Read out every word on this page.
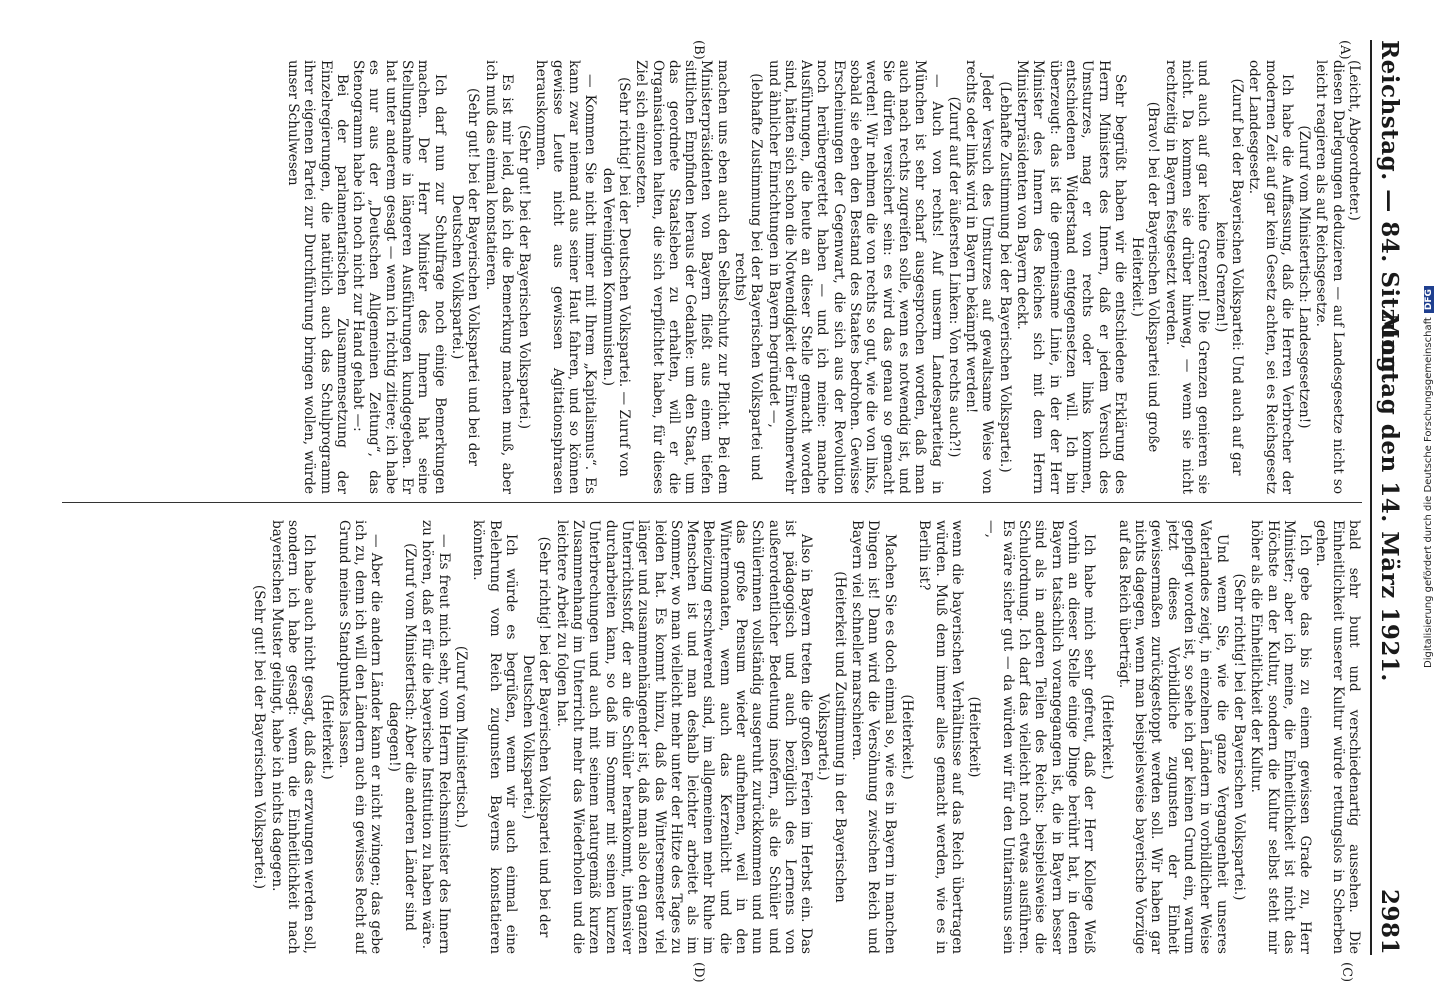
Reichstag. — 84. Sitzung.
Montag den 14. März 1921.
2981
(A)
(B)
(C)
(D)

(Leicht, Abgeordneter.)

diesen Darlegungen deduzieren — auf Landesgesetze nicht so leicht reagieren als auf Reichsgesetze.

(Zuruf vom Ministertisch: Landesgesetzen!)

Ich habe die Auffassung, daß die Herren Verbrecher der modernen Zeit auf gar kein Gesetz achten, sei es Reichsgesetz oder Landesgesetz.

(Zuruf bei der Bayerischen Volkspartei: Und auch auf gar keine Grenzen!)

und auch auf gar keine Grenzen! Die Grenzen genieren sie nicht. Da kommen sie drüber hinweg, — wenn sie nicht rechtzeitig in Bayern festgesetzt werden.

(Bravo! bei der Bayerischen Volkspartei und große Heiterkeit.)

Sehr begrüßt haben wir die entschiedene Erklärung des Herrn Ministers des Innern, daß er jedem Versuch des Umsturzes, mag er von rechts oder links kommen, entschiedenen Widerstand entgegensetzen will. Ich bin überzeugt: das ist die gemeinsame Linie, in der der Herr Minister des Innern des Reiches sich mit dem Herrn Ministerpräsidenten von Bayern deckt.

(Lebhafte Zustimmung bei der Bayerischen Volkspartei.)

Jeder Versuch des Umsturzes auf gewaltsame Weise von rechts oder links wird in Bayern bekämpft werden!

(Zuruf auf der äußersten Linken: Von rechts auch?!)

— Auch von rechts! Auf unserm Landesparteitag in München ist sehr scharf ausgesprochen worden, daß man auch nach rechts zugreifen solle, wenn es notwendig ist, und Sie dürfen versichert sein: es wird das genau so gemacht werden! Wir nehmen die von rechts so gut, wie die von links, sobald sie eben den Bestand des Staates bedrohen. Gewisse Erscheinungen der Gegenwart, die sich aus der Revolution noch herübergerettet haben — und ich meine: manche Ausführungen, die heute an dieser Stelle gemacht worden sind, hätten sich schon die Notwendigkeit der Einwohnerwehr und ähnlicher Einrichtungen in Bayern begründet —,

(lebhafte Zustimmung bei der Bayerischen Volkspartei und rechts)

machen uns eben auch den Selbstschutz zur Pflicht. Bei dem Ministerpräsidenten von Bayern fließt aus einem tiefen sittlichen Empfinden heraus der Gedanke: um den Staat, um das geordnete Staatsleben zu erhalten, will er die Organisationen halten, die sich verpflichtet haben, für dieses Ziel sich einzusetzen.

(Sehr richtig! bei der Deutschen Volkspartei. — Zuruf von den Vereinigten Kommunisten.)

— Kommen Sie nicht immer mit Ihrem „Kapitalismus“. Es kann zwar niemand aus seiner Haut fahren, und so können gewisse Leute nicht aus gewissen Agitationsphrasen herauskommen.

(Sehr gut! bei der Bayerischen Volkspartei.)

Es ist mir leid, daß ich die Bemerkung machen muß, aber ich muß das einmal konstatieren.

(Sehr gut! bei der Bayerischen Volkspartei und bei der Deutschen Volkspartei.)

Ich darf nun zur Schulfrage noch einige Bemerkungen machen. Der Herr Minister des Innern hat seine Stellungnahme in längeren Ausführungen kundgegeben. Er hat unter anderem gesagt — wenn ich richtig zitiere; ich habe es nur aus der „Deutschen Allgemeinen Zeitung“, das Stenogramm habe ich noch nicht zur Hand gehabt —:

Bei der parlamentarischen Zusammensetzung der Einzelregierungen, die natürlich auch das Schulprogramm ihrer eigenen Partei zur Durchführung bringen wollen, würde unser Schulwesen

bald sehr bunt und verschiedenartig aussehen. Die Einheitlichkeit unserer Kultur würde rettungslos in Scherben gehen.

Ich gebe das bis zu einem gewissen Grade zu, Herr Minister; aber ich meine, die Einheitlichkeit ist nicht das Höchste an der Kultur, sondern die Kultur selbst steht mir höher als die Einheitlichkeit der Kultur.

(Sehr richtig! bei der Bayerischen Volkspartei.)

Und wenn Sie, wie die ganze Vergangenheit unseres Vaterlandes zeigt, in einzelnen Ländern in vorbildlicher Weise gepflegt worden ist, so sehe ich gar keinen Grund ein, warum jetzt dieses Vorbildliche zugunsten der Einheit gewissermaßen zurückgestoppt werden soll. Wir haben gar nichts dagegen, wenn man beispielsweise bayerische Vorzüge auf das Reich überträgt.

(Heiterkeit.)

Ich habe mich sehr gefreut, daß der Herr Kollege Weiß vorhin an dieser Stelle einige Dinge berührt hat, in denen Bayern tatsächlich vorangegangen ist, die in Bayern besser sind als in anderen Teilen des Reichs: beispielsweise die Schulordnung. Ich darf das vielleicht noch etwas ausführen. Es wäre sicher gut — da würden wir für den Unitarismus sein —,

(Heiterkeit)

wenn die bayerischen Verhältnisse auf das Reich übertragen würden. Muß denn immer alles gemacht werden, wie es in Berlin ist?

(Heiterkeit.)

Machen Sie es doch einmal so, wie es in Bayern in manchen Dingen ist! Dann wird die Versöhnung zwischen Reich und Bayern viel schneller marschieren.

(Heiterkeit und Zustimmung in der Bayerischen Volkspartei.)

Also in Bayern treten die großen Ferien im Herbst ein. Das ist pädagogisch und auch bezüglich des Lernens von außerordentlicher Bedeutung insofern, als die Schüler und Schülerinnen vollständig ausgeruht zurückkommen und nun das große Pensum wieder aufnehmen, weil in den Wintermonaten, wenn auch das Kerzenlicht und die Beheizung erschwerend sind, im allgemeinen mehr Ruhe im Menschen ist und man deshalb leichter arbeitet als im Sommer, wo man vielleicht mehr unter der Hitze des Tages zu leiden hat. Es kommt hinzu, daß das Wintersemester viel länger und zusammenhängender ist, daß man also den ganzen Unterrichtsstoff, der an die Schüler herankommt, intensiver durcharbeiten kann, so daß im Sommer mit seinen kurzen Unterbrechungen und auch mit seinem naturgemäß kurzen Zusammenhang im Unterricht mehr das Wiederholen und die leichtere Arbeit zu folgen hat.

(Sehr richtig! bei der Bayerischen Volkspartei und bei der Deutschen Volkspartei.)

Ich würde es begrüßen, wenn wir auch einmal eine Belehrung vom Reich zugunsten Bayerns konstatieren könnten.

(Zuruf vom Ministertisch.)

— Es freut mich sehr, vom Herrn Reichsminister des Innern zu hören, daß er für die bayerische Institution zu haben wäre.

(Zuruf vom Ministertisch: Aber die anderen Länder sind dagegen!)

— Aber die andern Länder kann er nicht zwingen; das gebe ich zu, denn ich will den Ländern auch ein gewisses Recht auf Grund meines Standpunktes lassen.

(Heiterkeit.)

Ich habe auch nicht gesagt, daß das erzwungen werden soll, sondern ich habe gesagt: wenn die Einheitlichkeit nach bayerischen Muster gelingt, habe ich nichts dagegen.

(Sehr gut! bei der Bayerischen Volkspartei.)

Digitalisierung gefördert durch die Deutsche ForschungsgemeinschaftDFG
